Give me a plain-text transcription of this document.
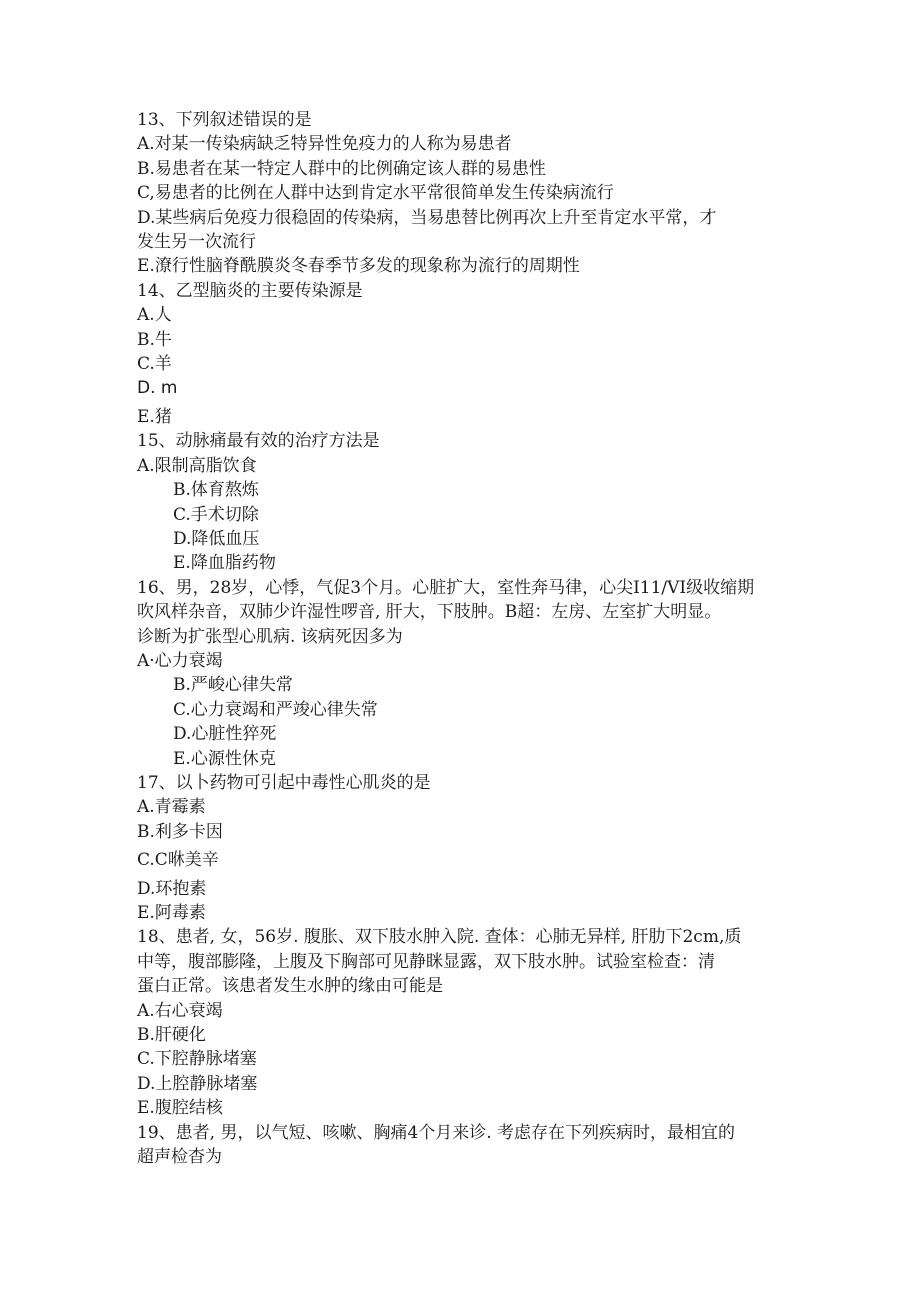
13、下列叙述错误的是
A.对某一传染病缺乏特异性免疫力的人称为易患者
B.易患者在某一特定人群中的比例确定该人群的易患性
C,易患者的比例在人群中达到肯定水平常很简单发生传染病流行
D.某些病后免疫力很稳固的传染病，当易患替比例再次上升至肯定水平常，才
发生另一次流行
E.潦行性脑脊酰膜炎冬春季节多发的现象称为流行的周期性
14、乙型脑炎的主要传染源是
A.人
B.牛
C.羊
D. m
E.猪
15、动脉痛最有效的治疗方法是
A.限制高脂饮食
B.体育熬炼
C.手术切除
D.降低血压
E.降血脂药物
16、男，28岁，心悸，气促3个月。心脏扩大，室性奔马律，心尖I11∕VI级收缩期
吹风样杂音，双肺少许湿性啰音, 肝大，下肢肿。B超：左房、左室扩大明显。
诊断为扩张型心肌病. 该病死因多为
A·心力衰竭
B.严峻心律失常
C.心力衰竭和严竣心律失常
D.心脏性猝死
E.心源性休克
17、以卜药物可引起中毒性心肌炎的是
A.青霉素
B.利多卡因
C.C咻美辛
D.环抱素
E.阿毒素
18、患者, 女，56岁. 腹胀、双下肢水肿入院. 查体：心肺无异样, 肝肋下2cm,质
中等，腹部膨隆，上腹及下胸部可见静眯显露，双下肢水肿。试验室检查：清
蛋白正常。该患者发生水肿的缘由可能是
A.右心衰竭
B.肝硬化
C.下腔静脉堵塞
D.上腔静脉堵塞
E.腹腔结核
19、患者, 男，以气短、咳嗽、胸痛4个月来诊. 考虑存在下列疾病时，最相宜的
超声检杳为
